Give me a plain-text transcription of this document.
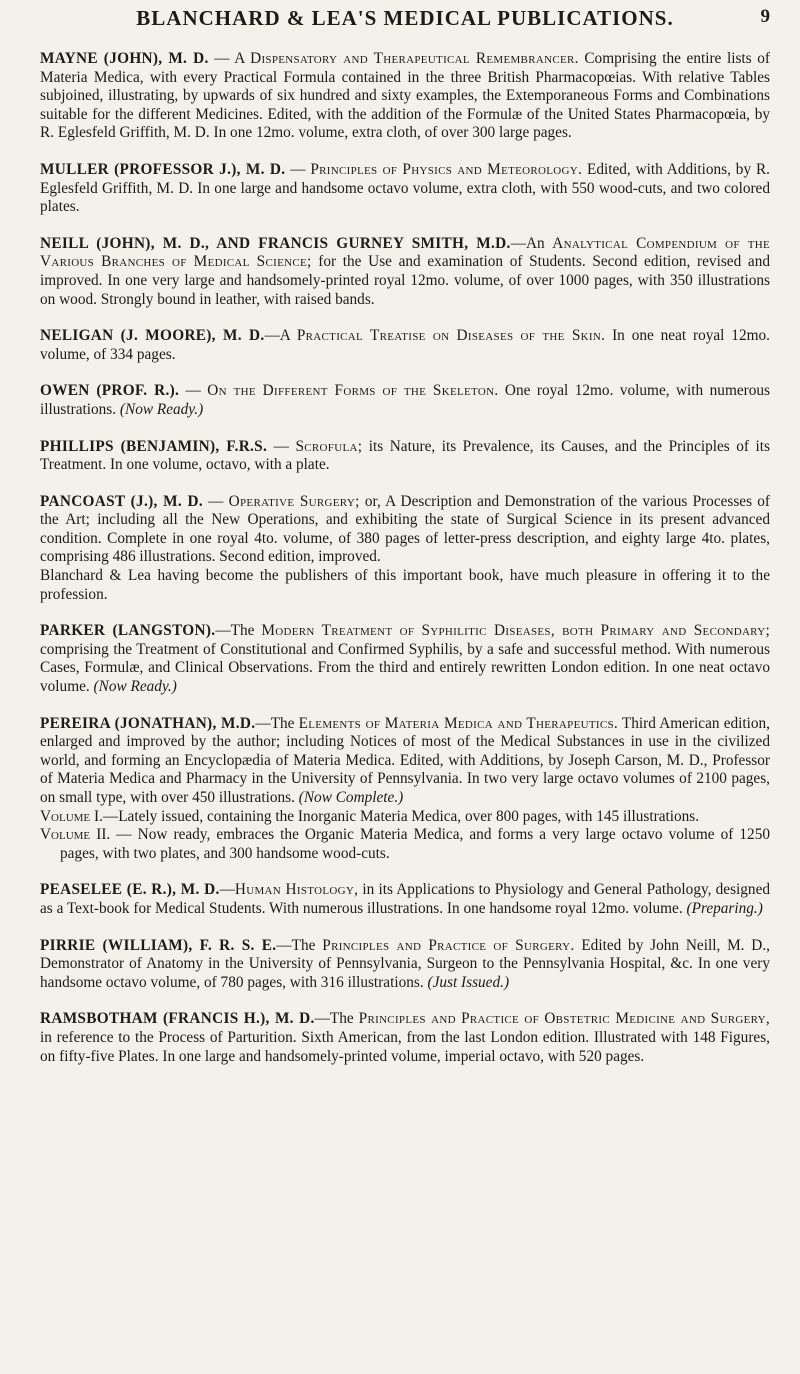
BLANCHARD & LEA'S MEDICAL PUBLICATIONS.	9

MAYNE (JOHN), M. D. — A Dispensatory and Therapeutical Remembrancer. Comprising the entire lists of Materia Medica, with every Practical Formula contained in the three British Pharmacopœias. With relative Tables subjoined, illustrating, by upwards of six hundred and sixty examples, the Extemporaneous Forms and Combinations suitable for the different Medicines. Edited, with the addition of the Formulæ of the United States Pharmacopœia, by R. Eglesfeld Griffith, M. D. In one 12mo. volume, extra cloth, of over 300 large pages.

MULLER (PROFESSOR J.), M. D. — Principles of Physics and Meteorology. Edited, with Additions, by R. Eglesfeld Griffith, M. D. In one large and handsome octavo volume, extra cloth, with 550 wood-cuts, and two colored plates.

NEILL (JOHN), M. D., AND FRANCIS GURNEY SMITH, M.D.—An Analytical Compendium of the Various Branches of Medical Science; for the Use and examination of Students. Second edition, revised and improved. In one very large and handsomely-printed royal 12mo. volume, of over 1000 pages, with 350 illustrations on wood. Strongly bound in leather, with raised bands.

NELIGAN (J. MOORE), M. D.—A Practical Treatise on Diseases of the Skin. In one neat royal 12mo. volume, of 334 pages.

OWEN (PROF. R.). — On the Different Forms of the Skeleton. One royal 12mo. volume, with numerous illustrations. (Now Ready.)

PHILLIPS (BENJAMIN), F.R.S. — Scrofula; its Nature, its Prevalence, its Causes, and the Principles of its Treatment. In one volume, octavo, with a plate.

PANCOAST (J.), M. D. — Operative Surgery; or, A Description and Demonstration of the various Processes of the Art; including all the New Operations, and exhibiting the state of Surgical Science in its present advanced condition. Complete in one royal 4to. volume, of 380 pages of letter-press description, and eighty large 4to. plates, comprising 486 illustrations. Second edition, improved.

Blanchard & Lea having become the publishers of this important book, have much pleasure in offering it to the profession.

PARKER (LANGSTON).—The Modern Treatment of Syphilitic Diseases, both Primary and Secondary; comprising the Treatment of Constitutional and Confirmed Syphilis, by a safe and successful method. With numerous Cases, Formulæ, and Clinical Observations. From the third and entirely rewritten London edition. In one neat octavo volume. (Now Ready.)

PEREIRA (JONATHAN), M.D.—The Elements of Materia Medica and Therapeutics. Third American edition, enlarged and improved by the author; including Notices of most of the Medical Substances in use in the civilized world, and forming an Encyclopædia of Materia Medica. Edited, with Additions, by Joseph Carson, M. D., Professor of Materia Medica and Pharmacy in the University of Pennsylvania. In two very large octavo volumes of 2100 pages, on small type, with over 450 illustrations. (Now Complete.)

Volume I.—Lately issued, containing the Inorganic Materia Medica, over 800 pages, with 145 illustrations.

Volume II. — Now ready, embraces the Organic Materia Medica, and forms a very large octavo volume of 1250 pages, with two plates, and 300 handsome wood-cuts.

PEASELEE (E. R.), M. D.—Human Histology, in its Applications to Physiology and General Pathology, designed as a Text-book for Medical Students. With numerous illustrations. In one handsome royal 12mo. volume. (Preparing.)

PIRRIE (WILLIAM), F. R. S. E.—The Principles and Practice of Surgery. Edited by John Neill, M. D., Demonstrator of Anatomy in the University of Pennsylvania, Surgeon to the Pennsylvania Hospital, &c. In one very handsome octavo volume, of 780 pages, with 316 illustrations. (Just Issued.)

RAMSBOTHAM (FRANCIS H.), M. D.—The Principles and Practice of Obstetric Medicine and Surgery, in reference to the Process of Parturition. Sixth American, from the last London edition. Illustrated with 148 Figures, on fifty-five Plates. In one large and handsomely-printed volume, imperial octavo, with 520 pages.
